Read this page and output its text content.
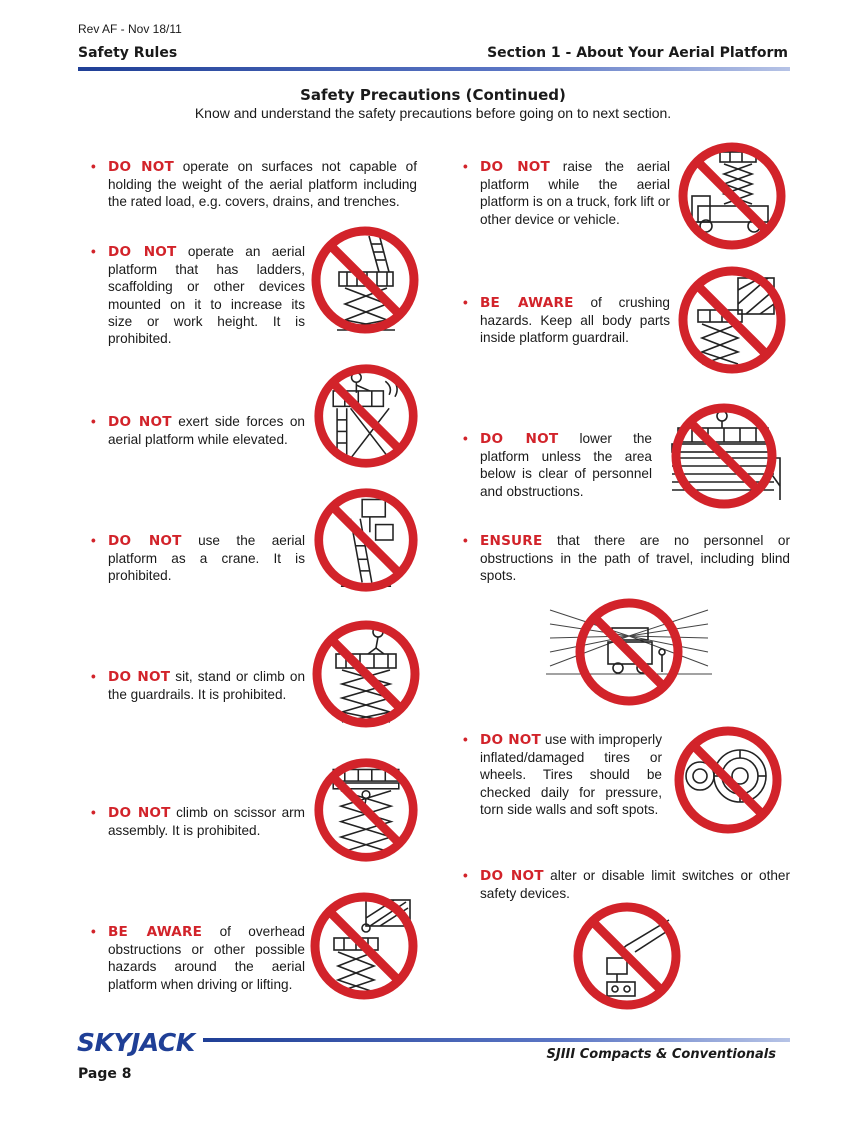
Rev AF - Nov 18/11
Safety Rules	Section 1 - About Your Aerial Platform
Safety Precautions (Continued)
Know and understand the safety precautions before going on to next section.
• DO NOT operate on surfaces not capable of holding the weight of the aerial platform including the rated load, e.g. covers, drains, and trenches.
• DO NOT operate an aerial platform that has ladders, scaffolding or other devices mounted on it to increase its size or work height. It is prohibited.
• DO NOT exert side forces on aerial platform while elevated.
• DO NOT use the aerial platform as a crane. It is prohibited.
• DO NOT sit, stand or climb on the guardrails. It is prohibited.
• DO NOT climb on scissor arm assembly. It is prohibited.
• BE AWARE of overhead obstructions or other possible hazards around the aerial platform when driving or lifting.
• DO NOT raise the aerial platform while the aerial platform is on a truck, fork lift or other device or vehicle.
• BE AWARE of crushing hazards. Keep all body parts inside platform guardrail.
• DO NOT lower the platform unless the area below is clear of personnel and obstructions.
• ENSURE that there are no personnel or obstructions in the path of travel, including blind spots.
• DO NOT use with improperly inflated/damaged tires or wheels. Tires should be checked daily for pressure, torn side walls and soft spots.
• DO NOT alter or disable limit switches or other safety devices.
SKYJACK	SJIII Compacts & Conventionals
Page 8
